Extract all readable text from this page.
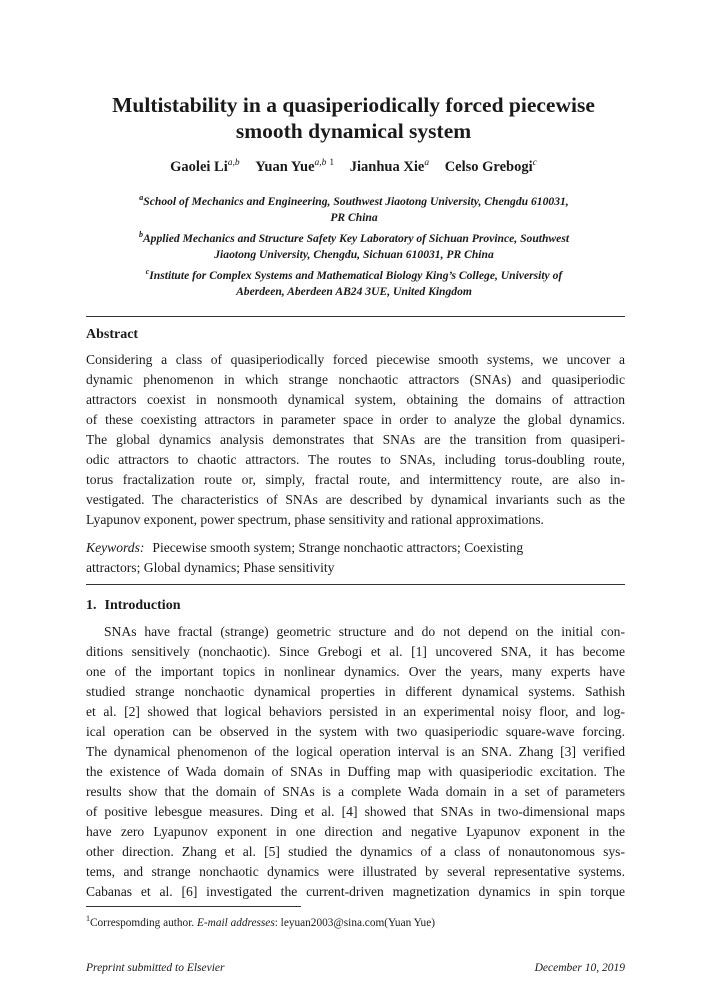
Multistability in a quasiperiodically forced piecewise
smooth dynamical system
Gaolei Li$^{a,b}$ Yuan Yue$^{a,b}$ $^1$ Jianhua Xie$^a$ Celso Grebogi$^c$
$^a$School of Mechanics and Engineering, Southwest Jiaotong University, Chengdu 610031,
PR China
$^b$Applied Mechanics and Structure Safety Key Laboratory of Sichuan Province, Southwest
Jiaotong University, Chengdu, Sichuan 610031, PR China
$^c$Institute for Complex Systems and Mathematical Biology King’s College, University of
Aberdeen, Aberdeen AB24 3UE, United Kingdom
Abstract
Considering a class of quasiperiodically forced piecewise smooth systems, we uncover a
dynamic phenomenon in which strange nonchaotic attractors (SNAs) and quasiperiodic
attractors coexist in nonsmooth dynamical system, obtaining the domains of attraction
of these coexisting attractors in parameter space in order to analyze the global dynamics.
The global dynamics analysis demonstrates that SNAs are the transition from quasiperi-
odic attractors to chaotic attractors. The routes to SNAs, including torus-doubling route,
torus fractalization route or, simply, fractal route, and intermittency route, are also in-
vestigated. The characteristics of SNAs are described by dynamical invariants such as the
Lyapunov exponent, power spectrum, phase sensitivity and rational approximations.
Keywords: Piecewise smooth system; Strange nonchaotic attractors; Coexisting
attractors; Global dynamics; Phase sensitivity
1. Introduction
SNAs have fractal (strange) geometric structure and do not depend on the initial con-
ditions sensitively (nonchaotic). Since Grebogi et al. [1] uncovered SNA, it has become
one of the important topics in nonlinear dynamics. Over the years, many experts have
studied strange nonchaotic dynamical properties in different dynamical systems. Sathish
et al. [2] showed that logical behaviors persisted in an experimental noisy floor, and log-
ical operation can be observed in the system with two quasiperiodic square-wave forcing.
The dynamical phenomenon of the logical operation interval is an SNA. Zhang [3] verified
the existence of Wada domain of SNAs in Duffing map with quasiperiodic excitation. The
results show that the domain of SNAs is a complete Wada domain in a set of parameters
of positive lebesgue measures. Ding et al. [4] showed that SNAs in two-dimensional maps
have zero Lyapunov exponent in one direction and negative Lyapunov exponent in the
other direction. Zhang et al. [5] studied the dynamics of a class of nonautonomous sys-
tems, and strange nonchaotic dynamics were illustrated by several representative systems.
Cabanas et al. [6] investigated the current-driven magnetization dynamics in spin torque
$^1$Correspomding author. E-mail addresses: leyuan2003@sina.com(Yuan Yue)
Preprint submitted to Elsevier	December 10, 2019
